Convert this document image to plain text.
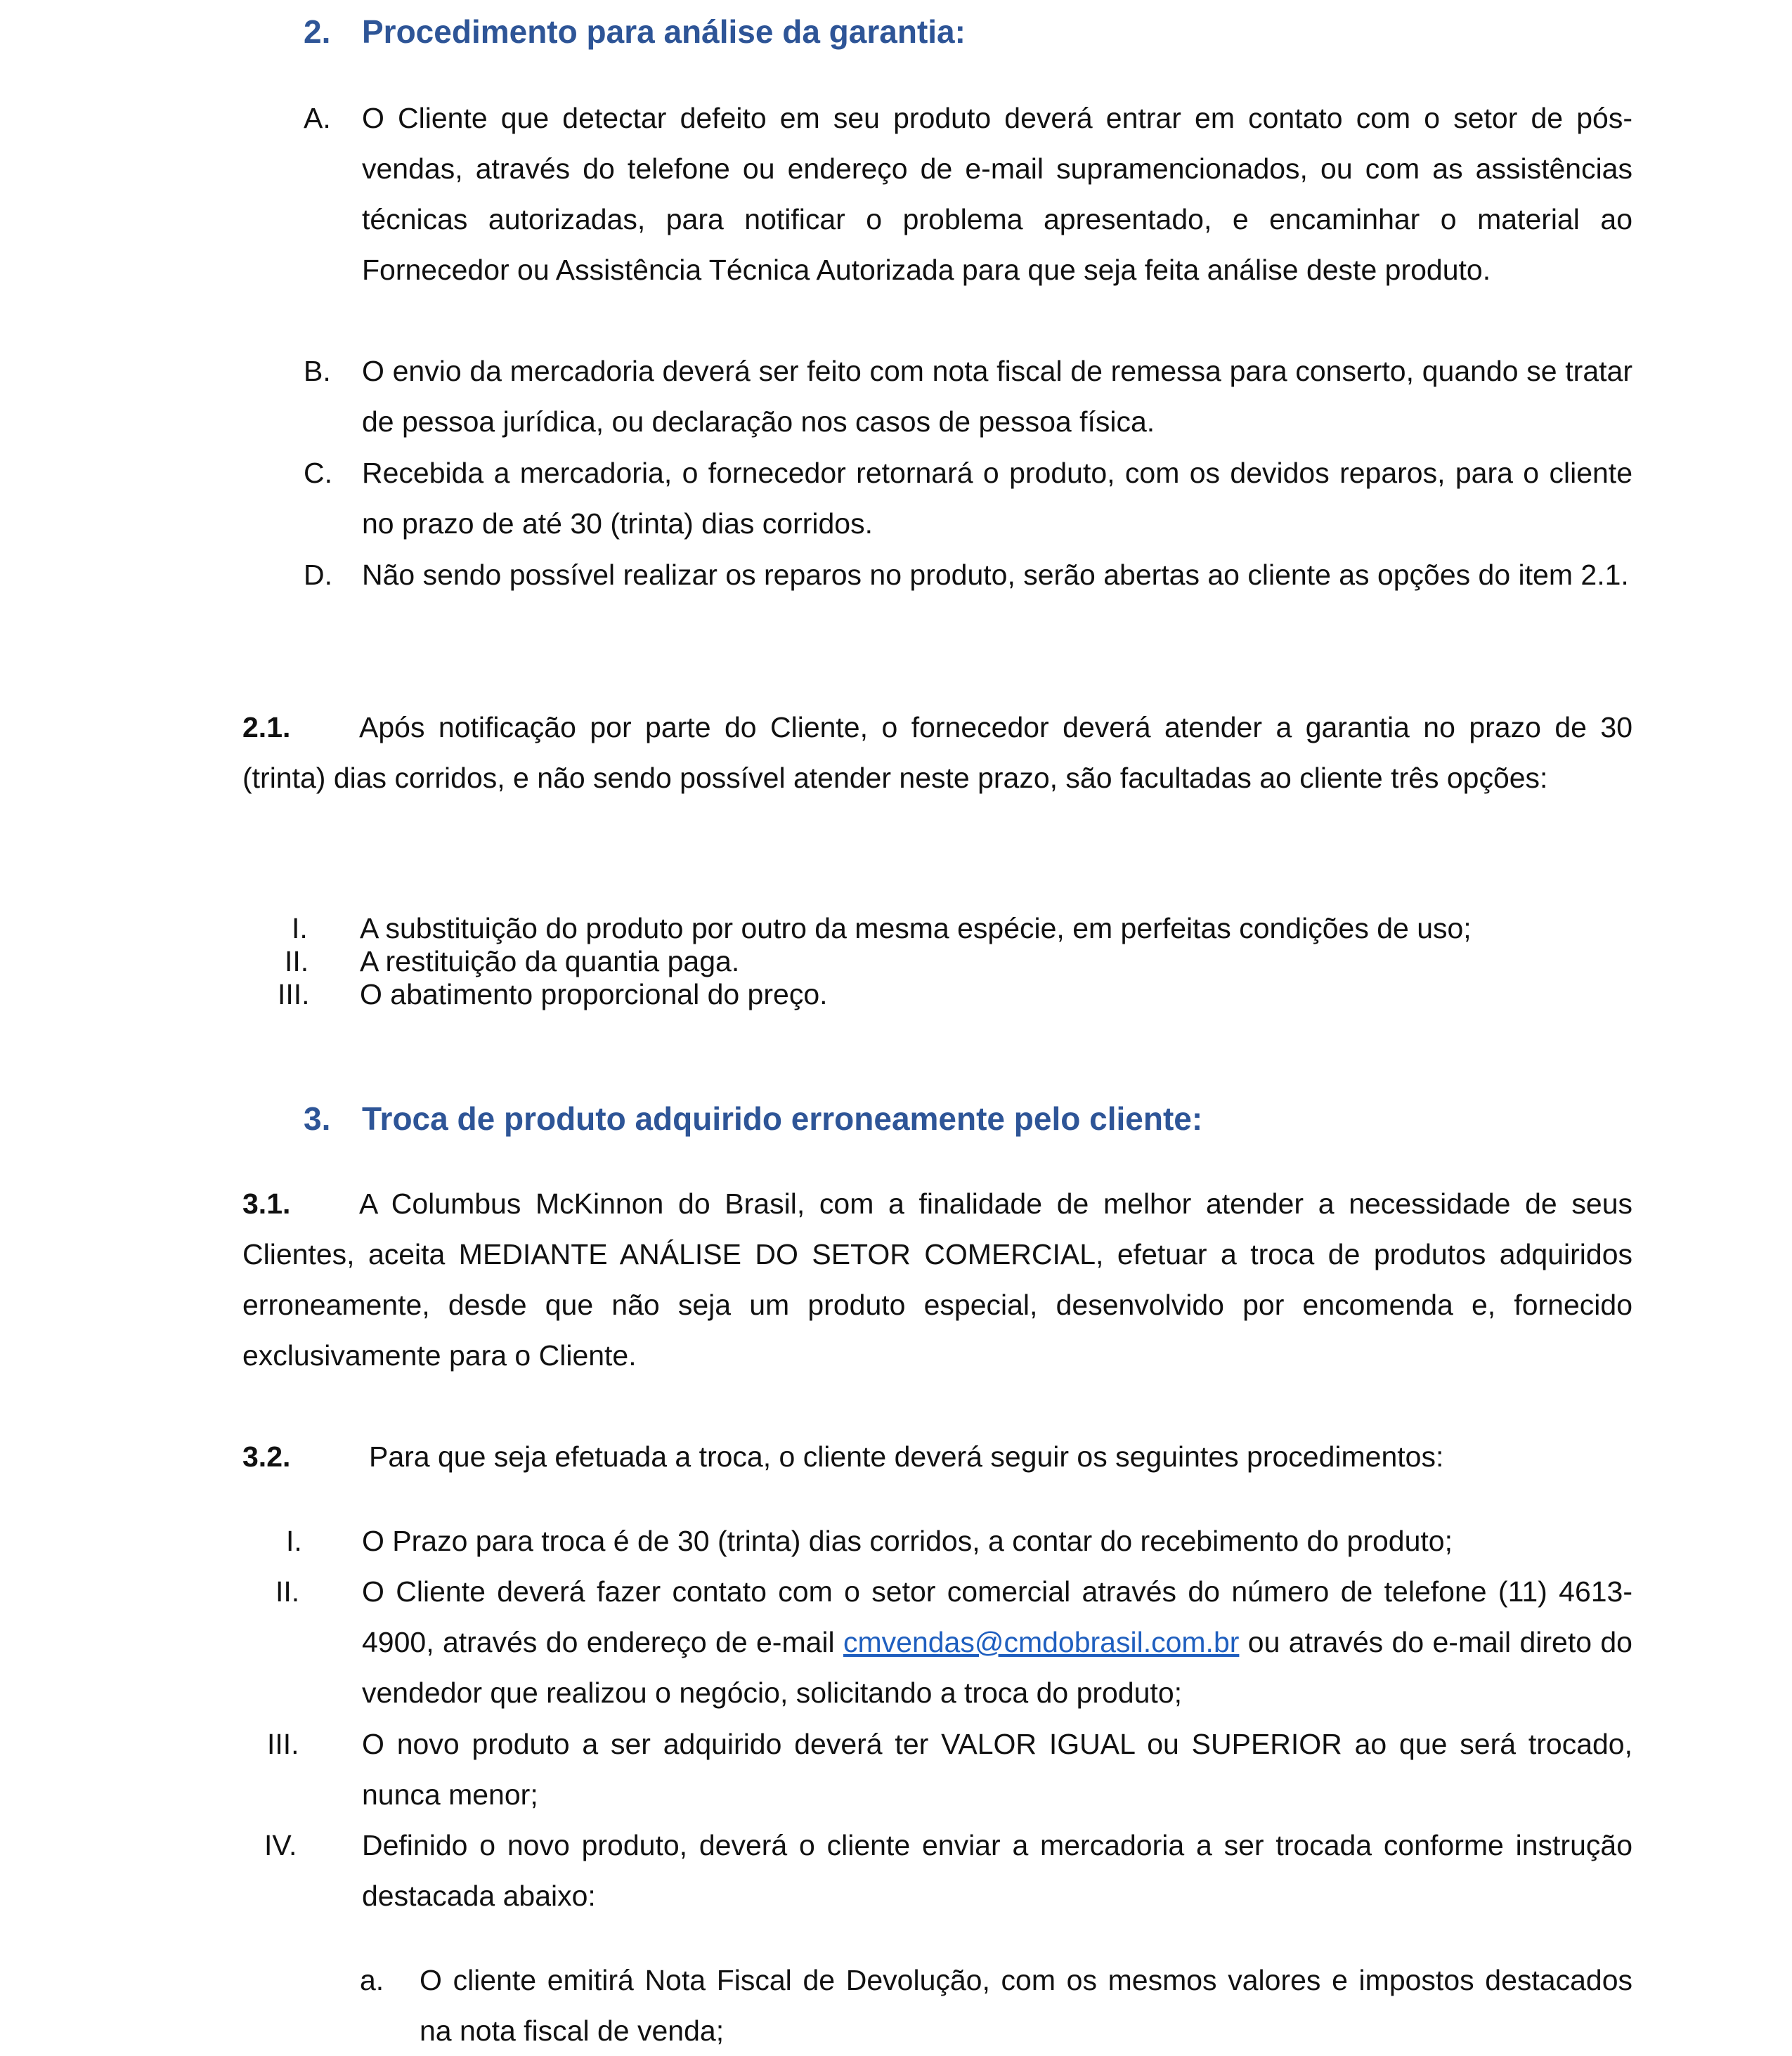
2. Procedimento para análise da garantia:
A. O Cliente que detectar defeito em seu produto deverá entrar em contato com o setor de pós-vendas, através do telefone ou endereço de e-mail supramencionados, ou com as assistências técnicas autorizadas, para notificar o problema apresentado, e encaminhar o material ao Fornecedor ou Assistência Técnica Autorizada para que seja feita análise deste produto.
B. O envio da mercadoria deverá ser feito com nota fiscal de remessa para conserto, quando se tratar de pessoa jurídica, ou declaração nos casos de pessoa física.
C. Recebida a mercadoria, o fornecedor retornará o produto, com os devidos reparos, para o cliente no prazo de até 30 (trinta) dias corridos.
D. Não sendo possível realizar os reparos no produto, serão abertas ao cliente as opções do item 2.1.
2.1.	Após notificação por parte do Cliente, o fornecedor deverá atender a garantia no prazo de 30 (trinta) dias corridos, e não sendo possível atender neste prazo, são facultadas ao cliente três opções:
I. A substituição do produto por outro da mesma espécie, em perfeitas condições de uso;
II. A restituição da quantia paga.
III. O abatimento proporcional do preço.
3. Troca de produto adquirido erroneamente pelo cliente:
3.1.	A Columbus McKinnon do Brasil, com a finalidade de melhor atender a necessidade de seus Clientes, aceita MEDIANTE ANÁLISE DO SETOR COMERCIAL, efetuar a troca de produtos adquiridos erroneamente, desde que não seja um produto especial, desenvolvido por encomenda e, fornecido exclusivamente para o Cliente.
3.2.	Para que seja efetuada a troca, o cliente deverá seguir os seguintes procedimentos:
I. O Prazo para troca é de 30 (trinta) dias corridos, a contar do recebimento do produto;
II. O Cliente deverá fazer contato com o setor comercial através do número de telefone (11) 4613-4900, através do endereço de e-mail cmvendas@cmdobrasil.com.br ou através do e-mail direto do vendedor que realizou o negócio, solicitando a troca do produto;
III. O novo produto a ser adquirido deverá ter VALOR IGUAL ou SUPERIOR ao que será trocado, nunca menor;
IV. Definido o novo produto, deverá o cliente enviar a mercadoria a ser trocada conforme instrução destacada abaixo:
a. O cliente emitirá Nota Fiscal de Devolução, com os mesmos valores e impostos destacados na nota fiscal de venda;
